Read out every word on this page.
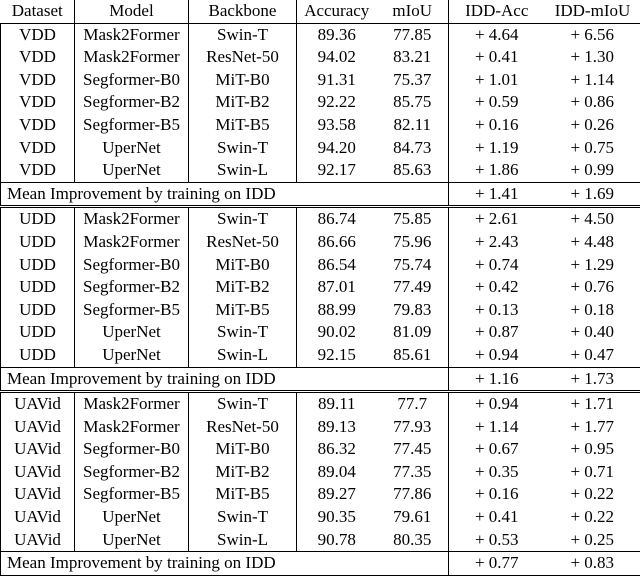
Dataset	Model	Backbone	Accuracy	mIoU	IDD-Acc	IDD-mIoU
VDD	Mask2Former	Swin-T	89.36	77.85	+ 4.64	+ 6.56
VDD	Mask2Former	ResNet-50	94.02	83.21	+ 0.41	+ 1.30
VDD	Segformer-B0	MiT-B0	91.31	75.37	+ 1.01	+ 1.14
VDD	Segformer-B2	MiT-B2	92.22	85.75	+ 0.59	+ 0.86
VDD	Segformer-B5	MiT-B5	93.58	82.11	+ 0.16	+ 0.26
VDD	UperNet	Swin-T	94.20	84.73	+ 1.19	+ 0.75
VDD	UperNet	Swin-L	92.17	85.63	+ 1.86	+ 0.99
Mean Improvement by training on IDD					+ 1.41	+ 1.69
UDD	Mask2Former	Swin-T	86.74	75.85	+ 2.61	+ 4.50
UDD	Mask2Former	ResNet-50	86.66	75.96	+ 2.43	+ 4.48
UDD	Segformer-B0	MiT-B0	86.54	75.74	+ 0.74	+ 1.29
UDD	Segformer-B2	MiT-B2	87.01	77.49	+ 0.42	+ 0.76
UDD	Segformer-B5	MiT-B5	88.99	79.83	+ 0.13	+ 0.18
UDD	UperNet	Swin-T	90.02	81.09	+ 0.87	+ 0.40
UDD	UperNet	Swin-L	92.15	85.61	+ 0.94	+ 0.47
Mean Improvement by training on IDD					+ 1.16	+ 1.73
UAVid	Mask2Former	Swin-T	89.11	77.7	+ 0.94	+ 1.71
UAVid	Mask2Former	ResNet-50	89.13	77.93	+ 1.14	+ 1.77
UAVid	Segformer-B0	MiT-B0	86.32	77.45	+ 0.67	+ 0.95
UAVid	Segformer-B2	MiT-B2	89.04	77.35	+ 0.35	+ 0.71
UAVid	Segformer-B5	MiT-B5	89.27	77.86	+ 0.16	+ 0.22
UAVid	UperNet	Swin-T	90.35	79.61	+ 0.41	+ 0.22
UAVid	UperNet	Swin-L	90.78	80.35	+ 0.53	+ 0.25
Mean Improvement by training on IDD					+ 0.77	+ 0.83
